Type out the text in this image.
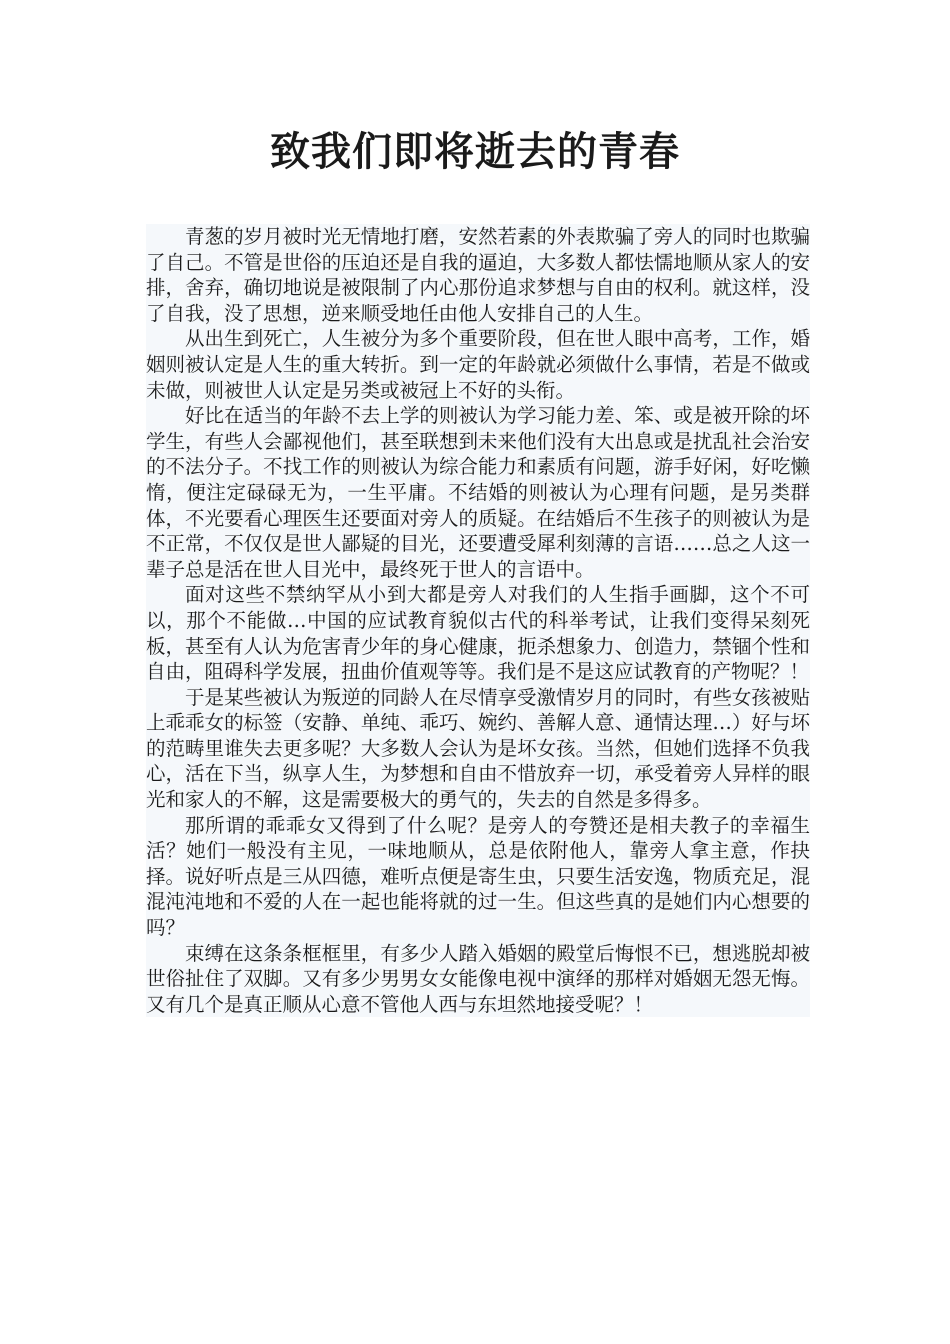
致我们即将逝去的青春

青葱的岁月被时光无情地打磨，安然若素的外表欺骗了旁人的同时也欺骗了自己。不管是世俗的压迫还是自我的逼迫，大多数人都怯懦地顺从家人的安排，舍弃，确切地说是被限制了内心那份追求梦想与自由的权利。就这样，没了自我，没了思想，逆来顺受地任由他人安排自己的人生。

从出生到死亡，人生被分为多个重要阶段，但在世人眼中高考，工作，婚姻则被认定是人生的重大转折。到一定的年龄就必须做什么事情，若是不做或未做，则被世人认定是另类或被冠上不好的头衔。

好比在适当的年龄不去上学的则被认为学习能力差、笨、或是被开除的坏学生，有些人会鄙视他们，甚至联想到未来他们没有大出息或是扰乱社会治安的不法分子。不找工作的则被认为综合能力和素质有问题，游手好闲，好吃懒惰，便注定碌碌无为，一生平庸。不结婚的则被认为心理有问题，是另类群体，不光要看心理医生还要面对旁人的质疑。在结婚后不生孩子的则被认为是不正常，不仅仅是世人鄙疑的目光，还要遭受犀利刻薄的言语……总之人这一辈子总是活在世人目光中，最终死于世人的言语中。

面对这些不禁纳罕从小到大都是旁人对我们的人生指手画脚，这个不可以，那个不能做…中国的应试教育貌似古代的科举考试，让我们变得呆刻死板，甚至有人认为危害青少年的身心健康，扼杀想象力、创造力，禁锢个性和自由，阻碍科学发展，扭曲价值观等等。我们是不是这应试教育的产物呢？！

于是某些被认为叛逆的同龄人在尽情享受激情岁月的同时，有些女孩被贴上乖乖女的标签（安静、单纯、乖巧、婉约、善解人意、通情达理…）好与坏的范畴里谁失去更多呢？大多数人会认为是坏女孩。当然，但她们选择不负我心，活在下当，纵享人生，为梦想和自由不惜放弃一切，承受着旁人异样的眼光和家人的不解，这是需要极大的勇气的，失去的自然是多得多。

那所谓的乖乖女又得到了什么呢？是旁人的夸赞还是相夫教子的幸福生活？她们一般没有主见，一味地顺从，总是依附他人，靠旁人拿主意，作抉择。说好听点是三从四德，难听点便是寄生虫，只要生活安逸，物质充足，混混沌沌地和不爱的人在一起也能将就的过一生。但这些真的是她们内心想要的吗？

束缚在这条条框框里，有多少人踏入婚姻的殿堂后悔恨不已，想逃脱却被世俗扯住了双脚。又有多少男男女女能像电视中演绎的那样对婚姻无怨无悔。又有几个是真正顺从心意不管他人西与东坦然地接受呢？！
